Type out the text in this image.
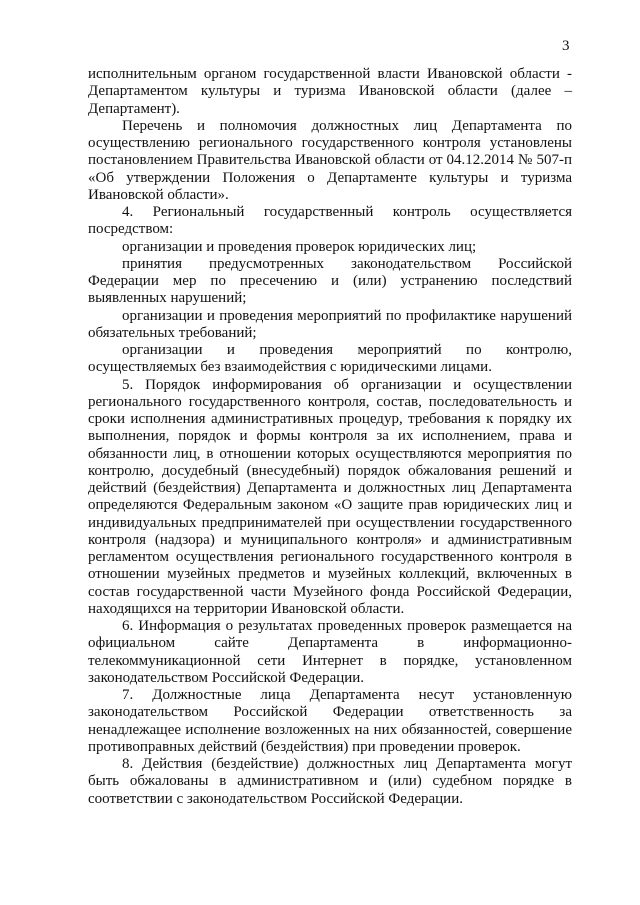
3

исполнительным органом государственной власти Ивановской области - Департаментом культуры и туризма Ивановской области (далее – Департамент).

Перечень и полномочия должностных лиц Департамента по осуществлению регионального государственного контроля установлены постановлением Правительства Ивановской области от 04.12.2014 № 507-п «Об утверждении Положения о Департаменте культуры и туризма Ивановской области».

4. Региональный государственный контроль осуществляется посредством:

организации и проведения проверок юридических лиц;

принятия предусмотренных законодательством Российской Федерации мер по пресечению и (или) устранению последствий выявленных нарушений;

организации и проведения мероприятий по профилактике нарушений обязательных требований;

организации и проведения мероприятий по контролю, осуществляемых без взаимодействия с юридическими лицами.

5. Порядок информирования об организации и осуществлении регионального государственного контроля, состав, последовательность и сроки исполнения административных процедур, требования к порядку их выполнения, порядок и формы контроля за их исполнением, права и обязанности лиц, в отношении которых осуществляются мероприятия по контролю, досудебный (внесудебный) порядок обжалования решений и действий (бездействия) Департамента и должностных лиц Департамента определяются Федеральным законом «О защите прав юридических лиц и индивидуальных предпринимателей при осуществлении государственного контроля (надзора) и муниципального контроля» и административным регламентом осуществления регионального государственного контроля в отношении музейных предметов и музейных коллекций, включенных в состав государственной части Музейного фонда Российской Федерации, находящихся на территории Ивановской области.

6. Информация о результатах проведенных проверок размещается на официальном сайте Департамента в информационно-телекоммуникационной сети Интернет в порядке, установленном законодательством Российской Федерации.

7. Должностные лица Департамента несут установленную законодательством Российской Федерации ответственность за ненадлежащее исполнение возложенных на них обязанностей, совершение противоправных действий (бездействия) при проведении проверок.

8. Действия (бездействие) должностных лиц Департамента могут быть обжалованы в административном и (или) судебном порядке в соответствии с законодательством Российской Федерации.
